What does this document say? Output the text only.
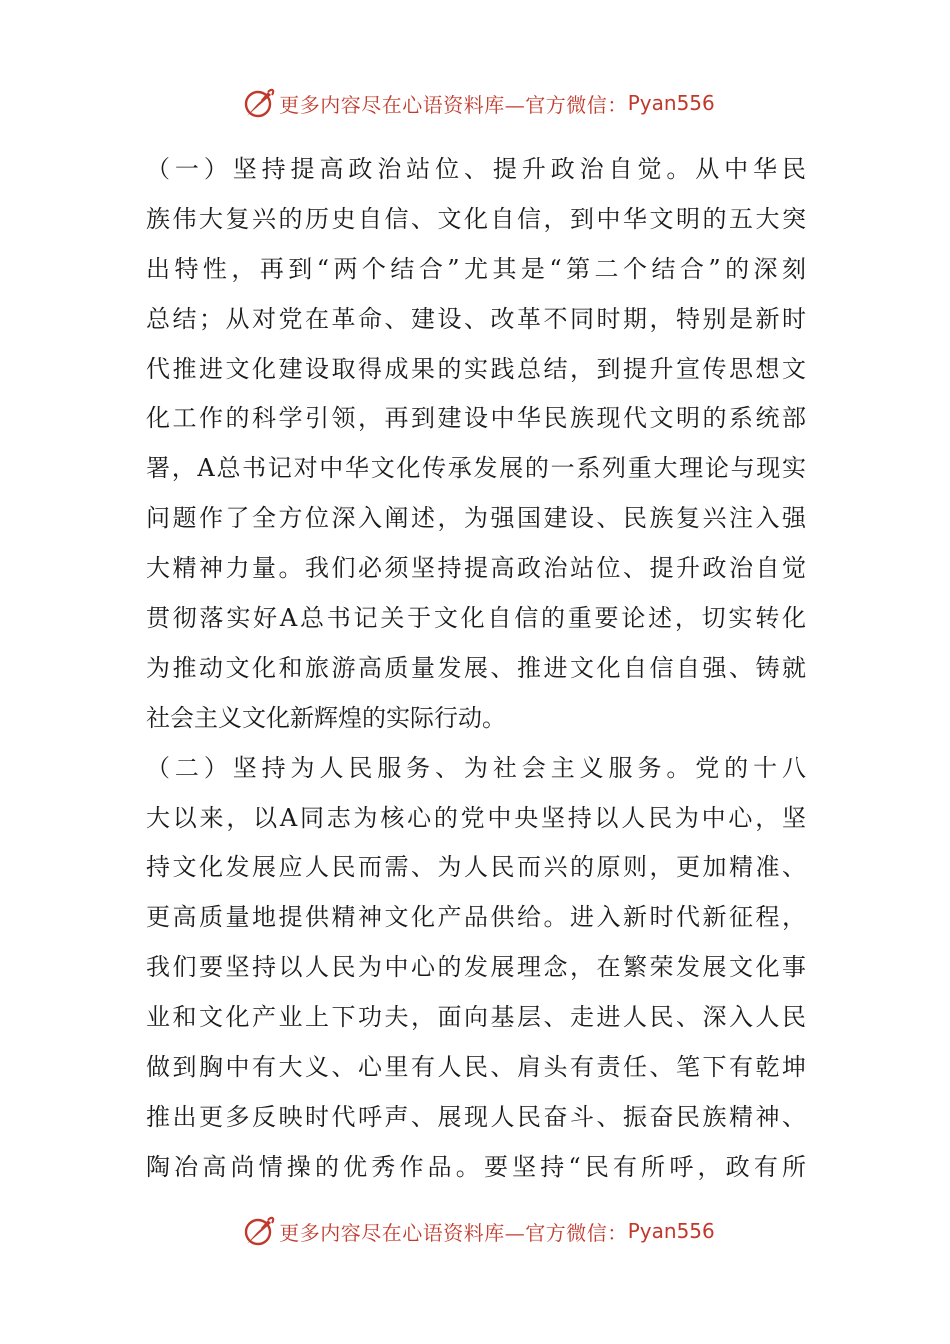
更多内容尽在心语资料库—官方微信： Pyan556
（一）坚持提高政治站位、提升政治自觉。从中华民
族伟大复兴的历史自信、文化自信，到中华文明的五大突
出特性，再到“两个结合”尤其是“第二个结合”的深刻
总结；从对党在革命、建设、改革不同时期，特别是新时
代推进文化建设取得成果的实践总结，到提升宣传思想文
化工作的科学引领，再到建设中华民族现代文明的系统部
署，A总书记对中华文化传承发展的一系列重大理论与现实
问题作了全方位深入阐述，为强国建设、民族复兴注入强
大精神力量。我们必须坚持提高政治站位、提升政治自觉
贯彻落实好A总书记关于文化自信的重要论述，切实转化
为推动文化和旅游高质量发展、推进文化自信自强、铸就
社会主义文化新辉煌的实际行动。
（二）坚持为人民服务、为社会主义服务。党的十八
大以来，以A同志为核心的党中央坚持以人民为中心，坚
持文化发展应人民而需、为人民而兴的原则，更加精准、
更高质量地提供精神文化产品供给。进入新时代新征程，
我们要坚持以人民为中心的发展理念，在繁荣发展文化事
业和文化产业上下功夫，面向基层、走进人民、深入人民
做到胸中有大义、心里有人民、肩头有责任、笔下有乾坤
推出更多反映时代呼声、展现人民奋斗、振奋民族精神、
陶冶高尚情操的优秀作品。要坚持“民有所呼，政有所
更多内容尽在心语资料库—官方微信： Pyan556
